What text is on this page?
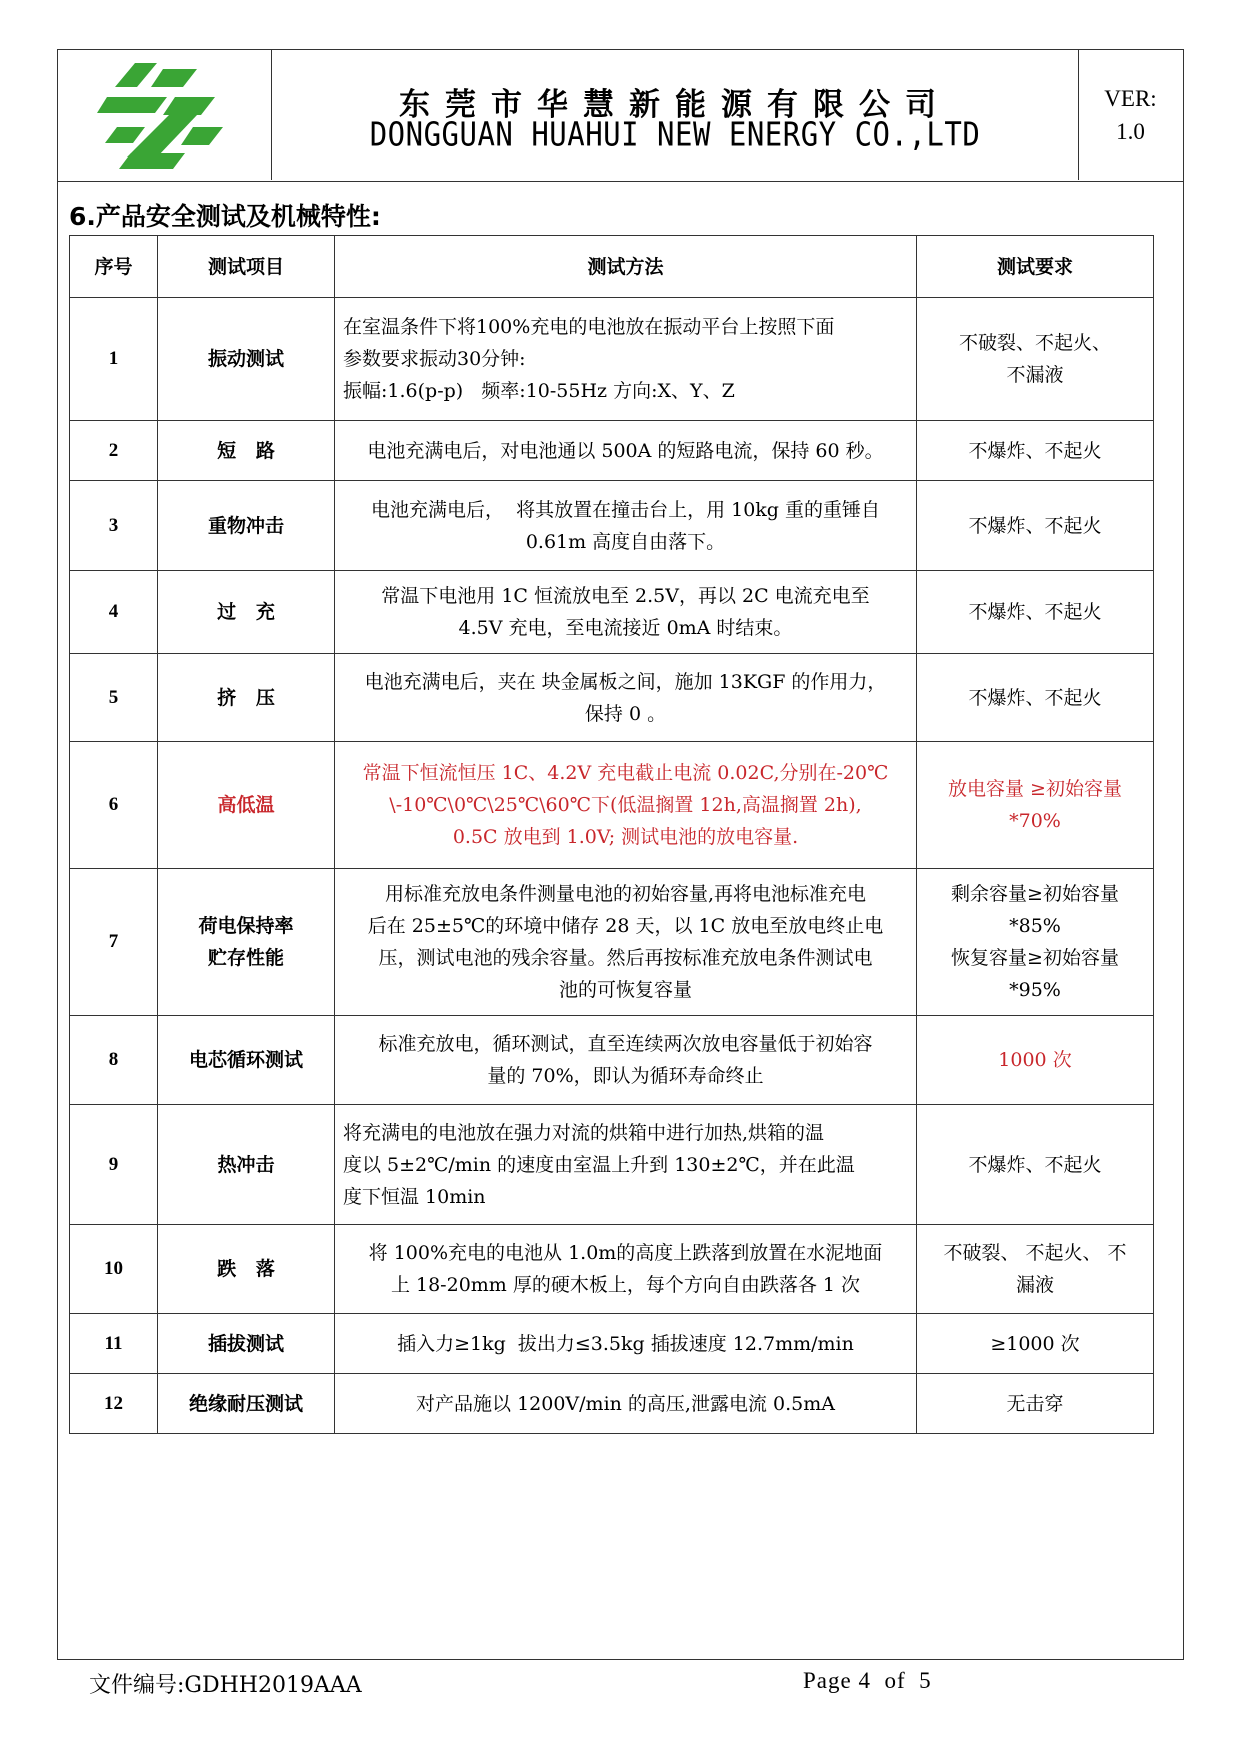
东莞市华慧新能源有限公司
DONGGUAN HUAHUI NEW ENERGY CO.,LTD
VER:
1.0
6.产品安全测试及机械特性:
序号	测试项目	测试方法	测试要求
1	振动测试	在室温条件下将100%充电的电池放在振动平台上按照下面
参数要求振动30分钟:
振幅:1.6(p-p)   频率:10-55Hz 方向:X、Y、Z	不破裂、不起火、
不漏液

2	短   路	电池充满电后，对电池通以 500A 的短路电流，保持 60 秒。	不爆炸、不起火

3	重物冲击	电池充满电后，  将其放置在撞击台上，用 10kg 重的重锤自
0.61m 高度自由落下。	不爆炸、不起火

4	过   充	常温下电池用 1C 恒流放电至 2.5V，再以 2C 电流充电至
4.5V 充电，至电流接近 0mA 时结束。	不爆炸、不起火

5	挤   压	电池充满电后，夹在 块金属板之间，施加 13KGF 的作用力，
保持 0 。	不爆炸、不起火

6	高低温	常温下恒流恒压 1C、4.2V 充电截止电流 0.02C,分别在-20℃
\-10℃\0℃\25℃\60℃下(低温搁置 12h,高温搁置 2h),
0.5C 放电到 1.0V; 测试电池的放电容量.	放电容量 ≥初始容量
*70%

7	荷电保持率
贮存性能	用标准充放电条件测量电池的初始容量,再将电池标准充电
后在 25±5℃的环境中储存 28 天，以 1C 放电至放电终止电
压，测试电池的残余容量。然后再按标准充放电条件测试电
池的可恢复容量	剩余容量≥初始容量
*85%
恢复容量≥初始容量
*95%

8	电芯循环测试	标准充放电，循环测试，直至连续两次放电容量低于初始容
量的 70%，即认为循环寿命终止	1000 次

9	热冲击	将充满电的电池放在强力对流的烘箱中进行加热,烘箱的温
度以 5±2℃/min 的速度由室温上升到 130±2℃，并在此温
度下恒温 10min	不爆炸、不起火

10	跌   落	将 100%充电的电池从 1.0m的高度上跌落到放置在水泥地面
上 18-20mm 厚的硬木板上，每个方向自由跌落各 1 次	不破裂、 不起火、 不
漏液

11	插拔测试	插入力≥1kg  拔出力≤3.5kg 插拔速度 12.7mm/min	≥1000 次

12	绝缘耐压测试	对产品施以 1200V/min 的高压,泄露电流 0.5mA	无击穿
文件编号:GDHH2019AAA	Page 4  of  5
